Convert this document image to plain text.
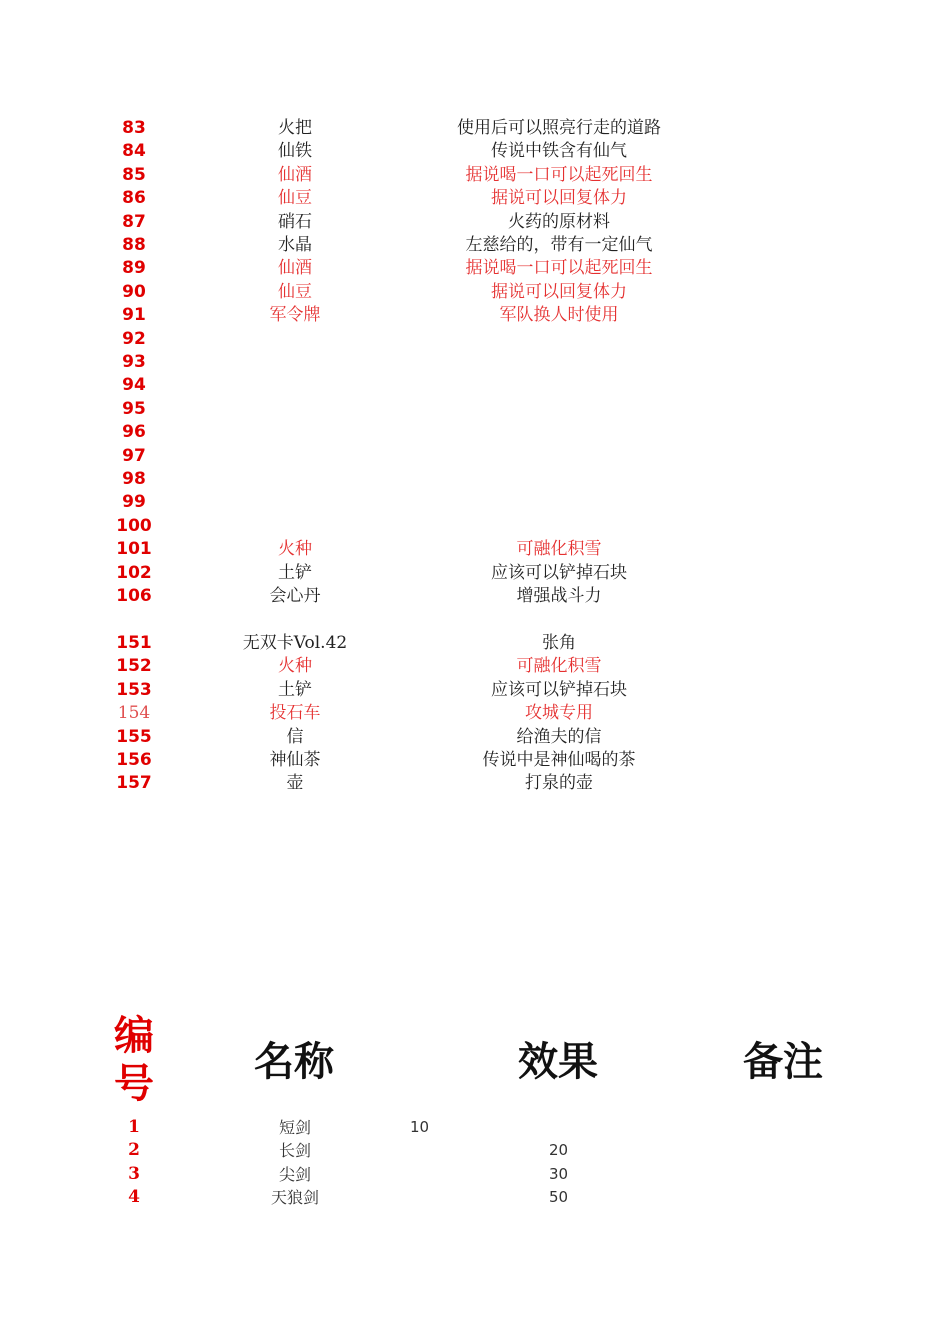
83	火把	使用后可以照亮行走的道路
84	仙铁	传说中铁含有仙气
85	仙酒	据说喝一口可以起死回生
86	仙豆	据说可以回复体力
87	硝石	火药的原材料
88	水晶	左慈给的，带有一定仙气
89	仙酒	据说喝一口可以起死回生
90	仙豆	据说可以回复体力
91	军令牌	军队换人时使用
92
93
94
95
96
97
98
99
100
101	火种	可融化积雪
102	土铲	应该可以铲掉石块
106	会心丹	增强战斗力
151	无双卡Vol.42	张角
152	火种	可融化积雪
153	土铲	应该可以铲掉石块
154	投石车	攻城专用
155	信	给渔夫的信
156	神仙茶	传说中是神仙喝的茶
157	壶	打泉的壶
编
号	名称	效果	备注
1	短剑	10
2	长剑	20
3	尖剑	30
4	天狼剑	50
